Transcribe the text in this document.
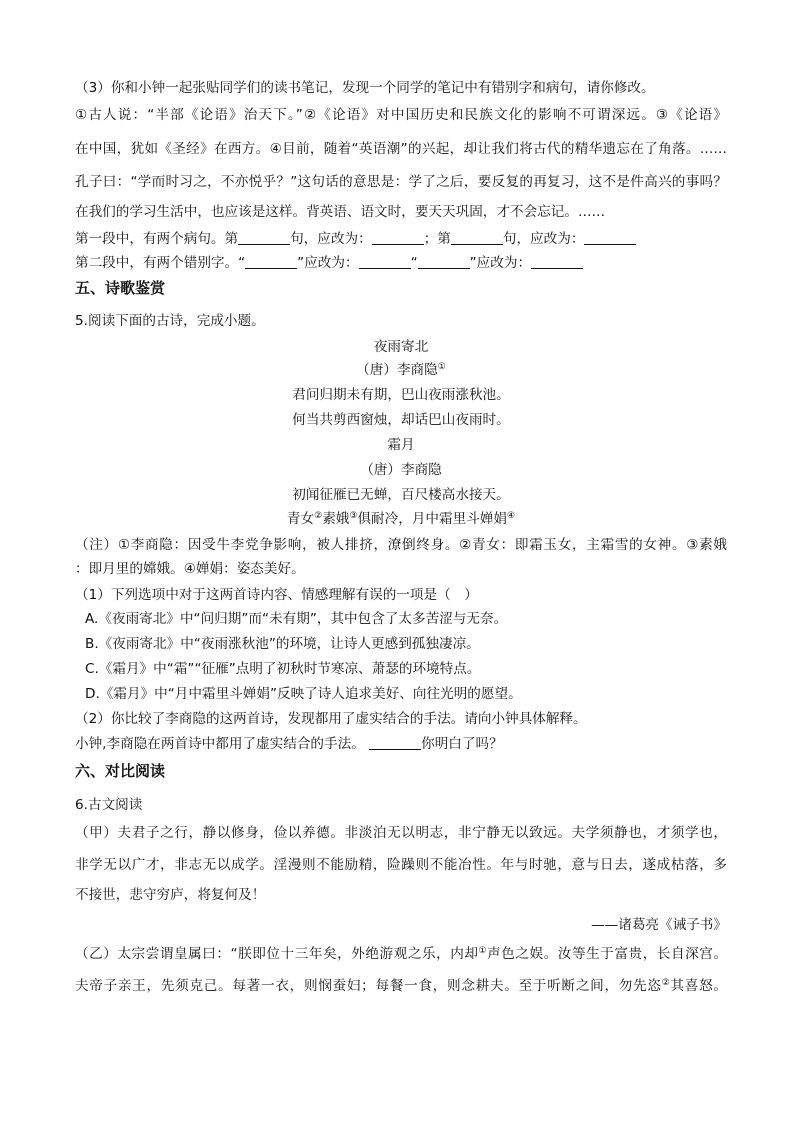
（3）你和小钟一起张贴同学们的读书笔记，发现一个同学的笔记中有错别字和病句，请你修改。
①古人说：“半部《论语》治天下。”②《论语》对中国历史和民族文化的影响不可谓深远。③《论语》
在中国，犹如《圣经》在西方。④目前，随着“英语潮”的兴起，却让我们将古代的精华遗忘在了角落。……
孔子曰：“学而时习之，不亦悦乎？”这句话的意思是：学了之后，要反复的再复习，这不是件高兴的事吗？
在我们的学习生活中，也应该是这样。背英语、语文时，要天天巩固，才不会忘记。……
第一段中，有两个病句。第	句，应改为：	；第	句，应改为：
第二段中，有两个错别字。“	”应改为：	“	”应改为：
五、诗歌鉴赏
5.阅读下面的古诗，完成小题。
夜雨寄北
（唐）李商隐①
君问归期未有期，巴山夜雨涨秋池。
何当共剪西窗烛，却话巴山夜雨时。
霜月
（唐）李商隐
初闻征雁已无蝉，百尺楼高水接天。
青女②素娥③俱耐冷，月中霜里斗婵娟④
（注）①李商隐：因受牛李党争影响，被人排挤，潦倒终身。②青女：即霜玉女，主霜雪的女神。③素娥
：即月里的嫦娥。④婵娟：姿态美好。
（1）下列选项中对于这两首诗内容、情感理解有误的一项是（　）
A.《夜雨寄北》中“问归期”而“未有期”，其中包含了太多苦涩与无奈。
B.《夜雨寄北》中“夜雨涨秋池”的环境，让诗人更感到孤独凄凉。
C.《霜月》中“霜”“征雁”点明了初秋时节寒凉、萧瑟的环境特点。
D.《霜月》中“月中霜里斗婵娟”反映了诗人追求美好、向往光明的愿望。
（2）你比较了李商隐的这两首诗，发现都用了虚实结合的手法。请向小钟具体解释。
小钟,李商隐在两首诗中都用了虚实结合的手法。	你明白了吗？
六、对比阅读
6.古文阅读
（甲）夫君子之行，静以修身，俭以养德。非淡泊无以明志，非宁静无以致远。夫学须静也，才须学也，
非学无以广才，非志无以成学。淫漫则不能励精，险躁则不能冶性。年与时驰，意与日去，遂成枯落，多
不接世，悲守穷庐，将复何及！
——诸葛亮《诫子书》
（乙）太宗尝谓皇属曰：“朕即位十三年矣，外绝游观之乐，内却①声色之娱。汝等生于富贵，长自深宫。
夫帝子亲王，先须克己。每著一衣，则悯蚕妇；每餐一食，则念耕夫。至于听断之间，勿先恣②其喜怒。
